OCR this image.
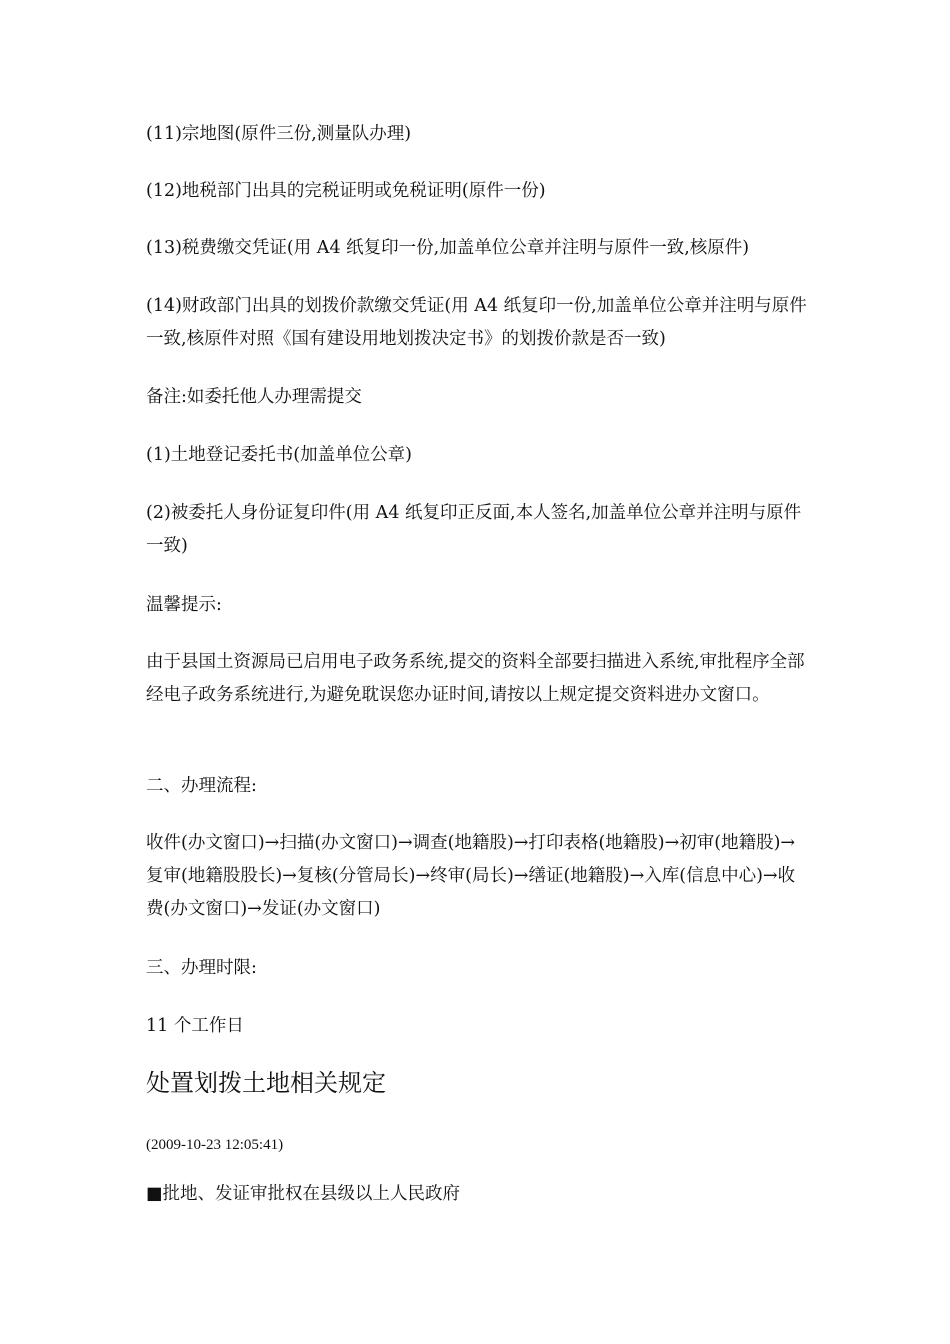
(11)宗地图(原件三份,测量队办理)

(12)地税部门出具的完税证明或免税证明(原件一份)

(13)税费缴交凭证(用 A4 纸复印一份,加盖单位公章并注明与原件一致,核原件)

(14)财政部门出具的划拨价款缴交凭证(用 A4 纸复印一份,加盖单位公章并注明与原件一致,核原件对照《国有建设用地划拨决定书》的划拨价款是否一致)

备注:如委托他人办理需提交

(1)土地登记委托书(加盖单位公章)

(2)被委托人身份证复印件(用 A4 纸复印正反面,本人签名,加盖单位公章并注明与原件一致)

温馨提示:

由于县国土资源局已启用电子政务系统,提交的资料全部要扫描进入系统,审批程序全部经电子政务系统进行,为避免耽误您办证时间,请按以上规定提交资料进办文窗口。

二、办理流程:

收件(办文窗口)→扫描(办文窗口)→调查(地籍股)→打印表格(地籍股)→初审(地籍股)→复审(地籍股股长)→复核(分管局长)→终审(局长)→缮证(地籍股)→入库(信息中心)→收费(办文窗口)→发证(办文窗口)

三、办理时限:

11 个工作日

处置划拨土地相关规定

(2009-10-23 12:05:41)

■批地、发证审批权在县级以上人民政府
